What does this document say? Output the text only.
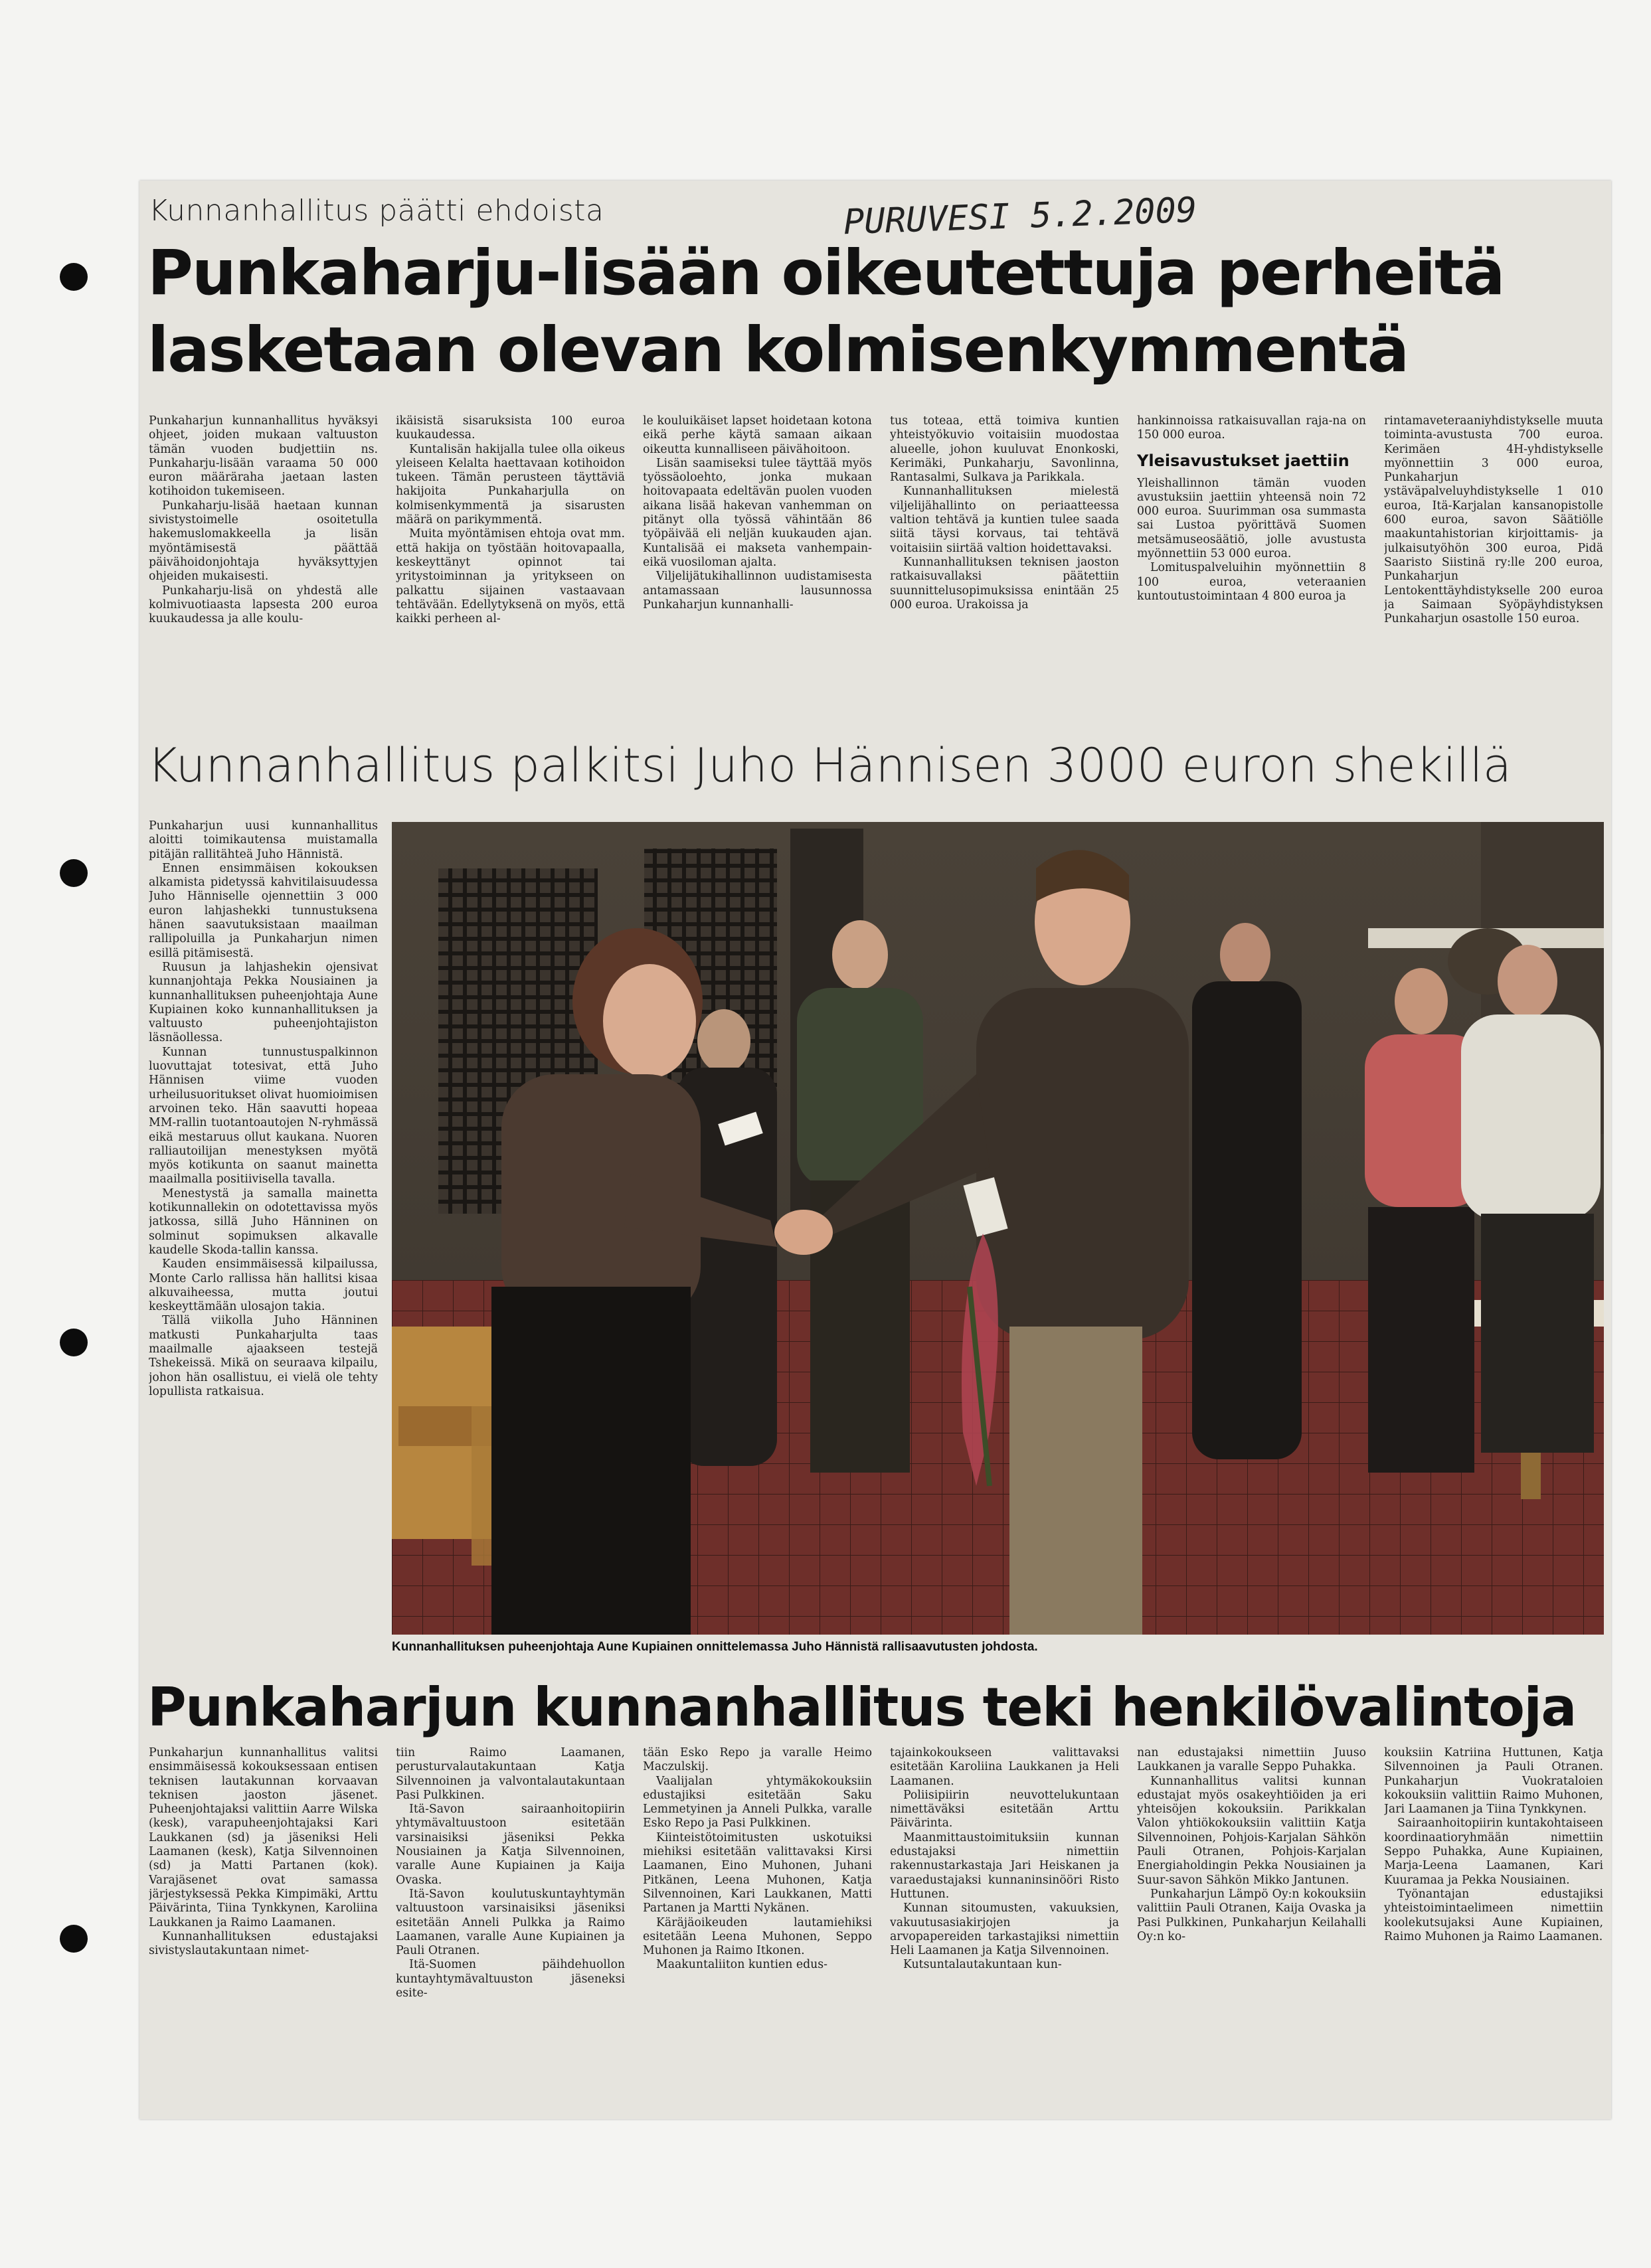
Kunnanhallitus päätti ehdoista	PURUVESI 5.2.2009
Punkaharju-lisään oikeutettuja perheitä
lasketaan olevan kolmisenkymmentä

Punkaharjun kunnanhallitus hyväksyi ohjeet, joiden mukaan valtuuston tämän vuoden budjettiin ns. Punkaharju-lisään varaama 50 000 euron määräraha jaetaan lasten kotihoidon tukemiseen.

Punkaharju-lisää haetaan kunnan sivistystoimelle osoitetulla hakemuslomakkeella ja lisän myöntämisestä päättää päivähoidonjohtaja hyväksyttyjen ohjeiden mukaisesti.

Punkaharju-lisä on yhdestä alle kolmivuotiaasta lapsesta 200 euroa kuukaudessa ja alle koulu-

ikäisistä sisaruksista 100 euroa kuukaudessa.

Kuntalisän hakijalla tulee olla oikeus yleiseen Kelalta haettavaan kotihoidon tukeen. Tämän perusteen täyttäviä hakijoita Punkaharjulla on kolmisenkymmentä ja sisarusten määrä on parikymmentä.

Muita myöntämisen ehtoja ovat mm. että hakija on työstään hoitovapaalla, keskeyttänyt opinnot tai yritystoiminnan ja yritykseen on palkattu sijainen vastaavaan tehtävään. Edellytyksenä on myös, että kaikki perheen al-

le kouluikäiset lapset hoidetaan kotona eikä perhe käytä samaan aikaan oikeutta kunnalliseen päivähoitoon.

Lisän saamiseksi tulee täyttää myös työssäoloehto, jonka mukaan hoitovapaata edeltävän puolen vuoden aikana lisää hakevan vanhemman on pitänyt olla työssä vähintään 86 työpäivää eli neljän kuukauden ajan. Kuntalisää ei makseta vanhempain- eikä vuosiloman ajalta.

Viljelijätukihallinnon uudistamisesta antamassaan lausunnossa Punkaharjun kunnanhalli-

tus toteaa, että toimiva kuntien yhteistyökuvio voitaisiin muodostaa alueelle, johon kuuluvat Enonkoski, Kerimäki, Punkaharju, Savonlinna, Rantasalmi, Sulkava ja Parikkala.

Kunnanhallituksen mielestä viljelijähallinto on periaatteessa valtion tehtävä ja kuntien tulee saada siitä täysi korvaus, tai tehtävä voitaisiin siirtää valtion hoidettavaksi.

Kunnanhallituksen teknisen jaoston ratkaisuvallaksi päätettiin suunnittelusopimuksissa enintään 25 000 euroa. Urakoissa ja

hankinnoissa ratkaisuvallan raja-na on 150 000 euroa.

Yleisavustukset jaettiin

Yleishallinnon tämän vuoden avustuksiin jaettiin yhteensä noin 72 000 euroa. Suurimman osa summasta sai Lustoa pyörittävä Suomen metsämuseosäätiö, jolle avustusta myönnettiin 53 000 euroa.

Lomituspalveluihin myönnettiin 8 100 euroa, veteraanien kuntoutustoimintaan 4 800 euroa ja

rintamaveteraaniyhdistykselle muuta toiminta-avustusta 700 euroa. Kerimäen 4H-yhdistykselle myönnettiin 3 000 euroa, Punkaharjun ystäväpalveluyhdistykselle 1 010 euroa, Itä-Karjalan kansanopistolle 600 euroa, savon Säätiölle maakuntahistorian kirjoittamis- ja julkaisutyöhön 300 euroa, Pidä Saaristo Siistinä ry:lle 200 euroa, Punkaharjun Lentokenttäyhdistykselle 200 euroa ja Saimaan Syöpäyhdistyksen Punkaharjun osastolle 150 euroa.

Kunnanhallitus palkitsi Juho Hännisen 3000 euron shekillä

Punkaharjun uusi kunnanhallitus aloitti toimikautensa muistamalla pitäjän rallitähteä Juho Hännistä.

Ennen ensimmäisen kokouksen alkamista pidetyssä kahvitilaisuudessa Juho Hänniselle ojennettiin 3 000 euron lahjashekki tunnustuksena hänen saavutuksistaan maailman rallipoluilla ja Punkaharjun nimen esillä pitämisestä.

Ruusun ja lahjashekin ojensivat kunnanjohtaja Pekka Nousiainen ja kunnanhallituksen puheenjohtaja Aune Kupiainen koko kunnanhallituksen ja valtuusto puheenjohtajiston läsnäollessa.

Kunnan tunnustuspalkinnon luovuttajat totesivat, että Juho Hännisen viime vuoden urheilusuoritukset olivat huomioimisen arvoinen teko. Hän saavutti hopeaa MM-rallin tuotantoautojen N-ryhmässä eikä mestaruus ollut kaukana. Nuoren ralliautoilijan menestyksen myötä myös kotikunta on saanut mainetta maailmalla positiivisella tavalla.

Menestystä ja samalla mainetta kotikunnallekin on odotettavissa myös jatkossa, sillä Juho Hänninen on solminut sopimuksen alkavalle kaudelle Skoda-tallin kanssa.

Kauden ensimmäisessä kilpailussa, Monte Carlo rallissa hän hallitsi kisaa alkuvaiheessa, mutta joutui keskeyttämään ulosajon takia.

Tällä viikolla Juho Hänninen matkusti Punkaharjulta taas maailmalle ajaakseen testejä Tshekeissä. Mikä on seuraava kilpailu, johon hän osallistuu, ei vielä ole tehty lopullista ratkaisua.

Kunnanhallituksen puheenjohtaja Aune Kupiainen onnittelemassa Juho Hännistä rallisaavutusten johdosta.
Punkaharjun kunnanhallitus teki henkilövalintoja

Punkaharjun kunnanhallitus valitsi ensimmäisessä kokouksessaan entisen teknisen lautakunnan korvaavan teknisen jaoston jäsenet. Puheenjohtajaksi valittiin Aarre Wilska (kesk), varapuheenjohtajaksi Kari Laukkanen (sd) ja jäseniksi Heli Laamanen (kesk), Katja Silvennoinen (sd) ja Matti Partanen (kok). Varajäsenet ovat samassa järjestyksessä Pekka Kimpimäki, Arttu Päivärinta, Tiina Tynkkynen, Karoliina Laukkanen ja Raimo Laamanen.

Kunnanhallituksen edustajaksi sivistyslautakuntaan nimet-

tiin Raimo Laamanen, perusturvalautakuntaan Katja Silvennoinen ja valvontalautakuntaan Pasi Pulkkinen.

Itä-Savon sairaanhoitopiirin yhtymävaltuustoon esitetään varsinaisiksi jäseniksi Pekka Nousiainen ja Katja Silvennoinen, varalle Aune Kupiainen ja Kaija Ovaska.

Itä-Savon koulutuskuntayhtymän valtuustoon varsinaisiksi jäseniksi esitetään Anneli Pulkka ja Raimo Laamanen, varalle Aune Kupiainen ja Pauli Otranen.

Itä-Suomen päihdehuollon kuntayhtymävaltuuston jäseneksi esite-

tään Esko Repo ja varalle Heimo Maczulskij.

Vaalijalan yhtymäkokouksiin edustajiksi esitetään Saku Lemmetyinen ja Anneli Pulkka, varalle Esko Repo ja Pasi Pulkkinen.

Kiinteistötoimitusten uskotuiksi miehiksi esitetään valittavaksi Kirsi Laamanen, Eino Muhonen, Juhani Pitkänen, Leena Muhonen, Katja Silvennoinen, Kari Laukkanen, Matti Partanen ja Martti Nykänen.

Käräjäoikeuden lautamiehiksi esitetään Leena Muhonen, Seppo Muhonen ja Raimo Itkonen.

Maakuntaliiton kuntien edus-

tajainkokoukseen valittavaksi esitetään Karoliina Laukkanen ja Heli Laamanen.

Poliisipiirin neuvottelukuntaan nimettäväksi esitetään Arttu Päivärinta.

Maanmittaustoimituksiin kunnan edustajaksi nimettiin rakennustarkastaja Jari Heiskanen ja varaedustajaksi kunnaninsinööri Risto Huttunen.

Kunnan sitoumusten, vakuuksien, vakuutusasiakirjojen ja arvopapereiden tarkastajiksi nimettiin Heli Laamanen ja Katja Silvennoinen.

Kutsuntalautakuntaan kun-

nan edustajaksi nimettiin Juuso Laukkanen ja varalle Seppo Puhakka.

Kunnanhallitus valitsi kunnan edustajat myös osakeyhtiöiden ja eri yhteisöjen kokouksiin. Parikkalan Valon yhtiökokouksiin valittiin Katja Silvennoinen, Pohjois-Karjalan Sähkön Pauli Otranen, Pohjois-Karjalan Energiaholdingin Pekka Nousiainen ja Suur-savon Sähkön Mikko Jantunen.

Punkaharjun Lämpö Oy:n kokouksiin valittiin Pauli Otranen, Kaija Ovaska ja Pasi Pulkkinen, Punkaharjun Keilahalli Oy:n ko-

kouksiin Katriina Huttunen, Katja Silvennoinen ja Pauli Otranen. Punkaharjun Vuokrataloien kokouksiin valittiin Raimo Muhonen, Jari Laamanen ja Tiina Tynkkynen.

Sairaanhoitopiirin kuntakohtaiseen koordinaatioryhmään nimettiin Seppo Puhakka, Aune Kupiainen, Marja-Leena Laamanen, Kari Kuuramaa ja Pekka Nousiainen.

Työnantajan edustajiksi yhteistoimintaelimeen nimettiin koolekutsujaksi Aune Kupiainen, Raimo Muhonen ja Raimo Laamanen.
